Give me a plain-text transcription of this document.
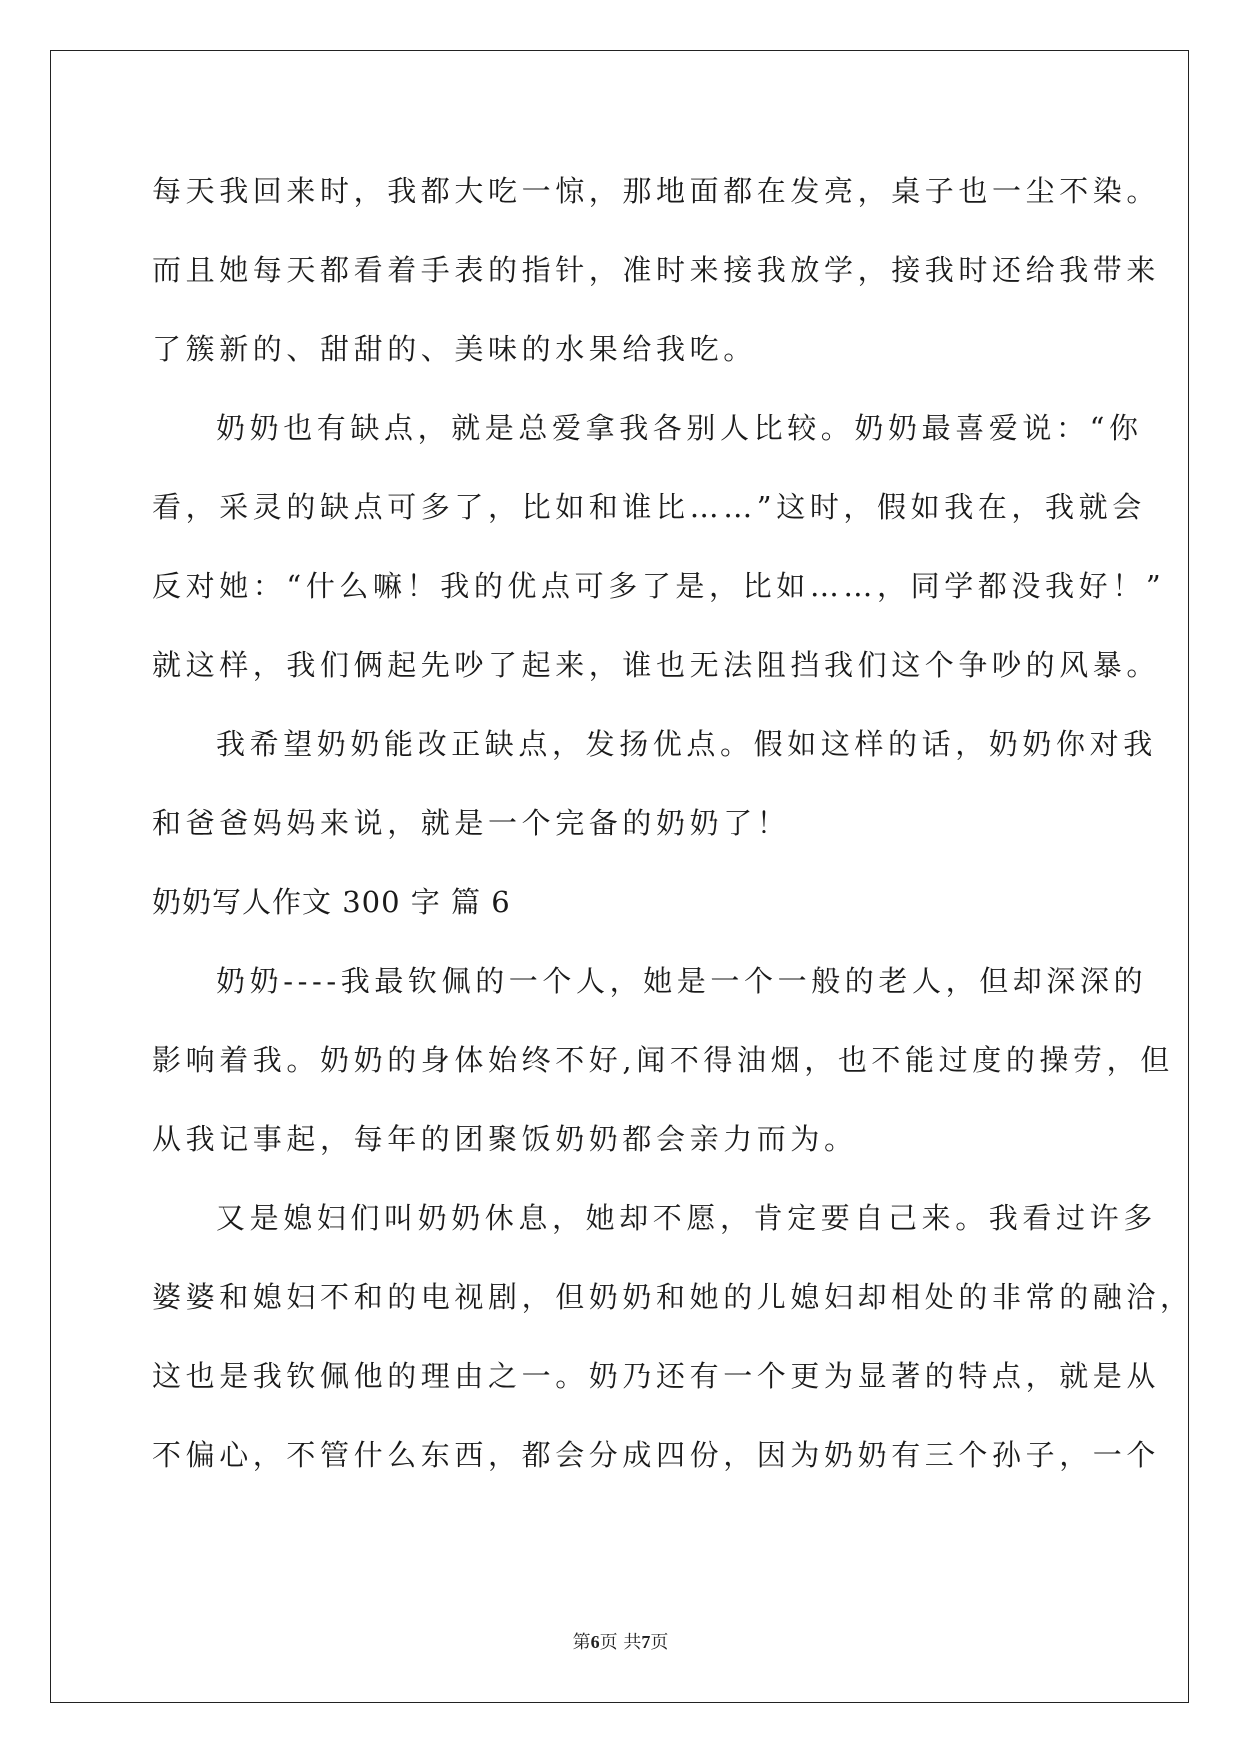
每天我回来时，我都大吃一惊，那地面都在发亮，桌子也一尘不染。
而且她每天都看着手表的指针，准时来接我放学，接我时还给我带来
了簇新的、甜甜的、美味的水果给我吃。
奶奶也有缺点，就是总爱拿我各别人比较。奶奶最喜爱说：“你
看，采灵的缺点可多了，比如和谁比……”这时，假如我在，我就会
反对她：“什么嘛！我的优点可多了是，比如……，同学都没我好！”
就这样，我们俩起先吵了起来，谁也无法阻挡我们这个争吵的风暴。
我希望奶奶能改正缺点，发扬优点。假如这样的话，奶奶你对我
和爸爸妈妈来说，就是一个完备的奶奶了！
奶奶写人作文 300 字 篇 6
奶奶----我最钦佩的一个人，她是一个一般的老人，但却深深的
影响着我。奶奶的身体始终不好,闻不得油烟，也不能过度的操劳，但
从我记事起，每年的团聚饭奶奶都会亲力而为。
又是媳妇们叫奶奶休息，她却不愿，肯定要自己来。我看过许多
婆婆和媳妇不和的电视剧，但奶奶和她的儿媳妇却相处的非常的融洽，
这也是我钦佩他的理由之一。奶乃还有一个更为显著的特点，就是从
不偏心，不管什么东西，都会分成四份，因为奶奶有三个孙子，一个
第6页 共7页
